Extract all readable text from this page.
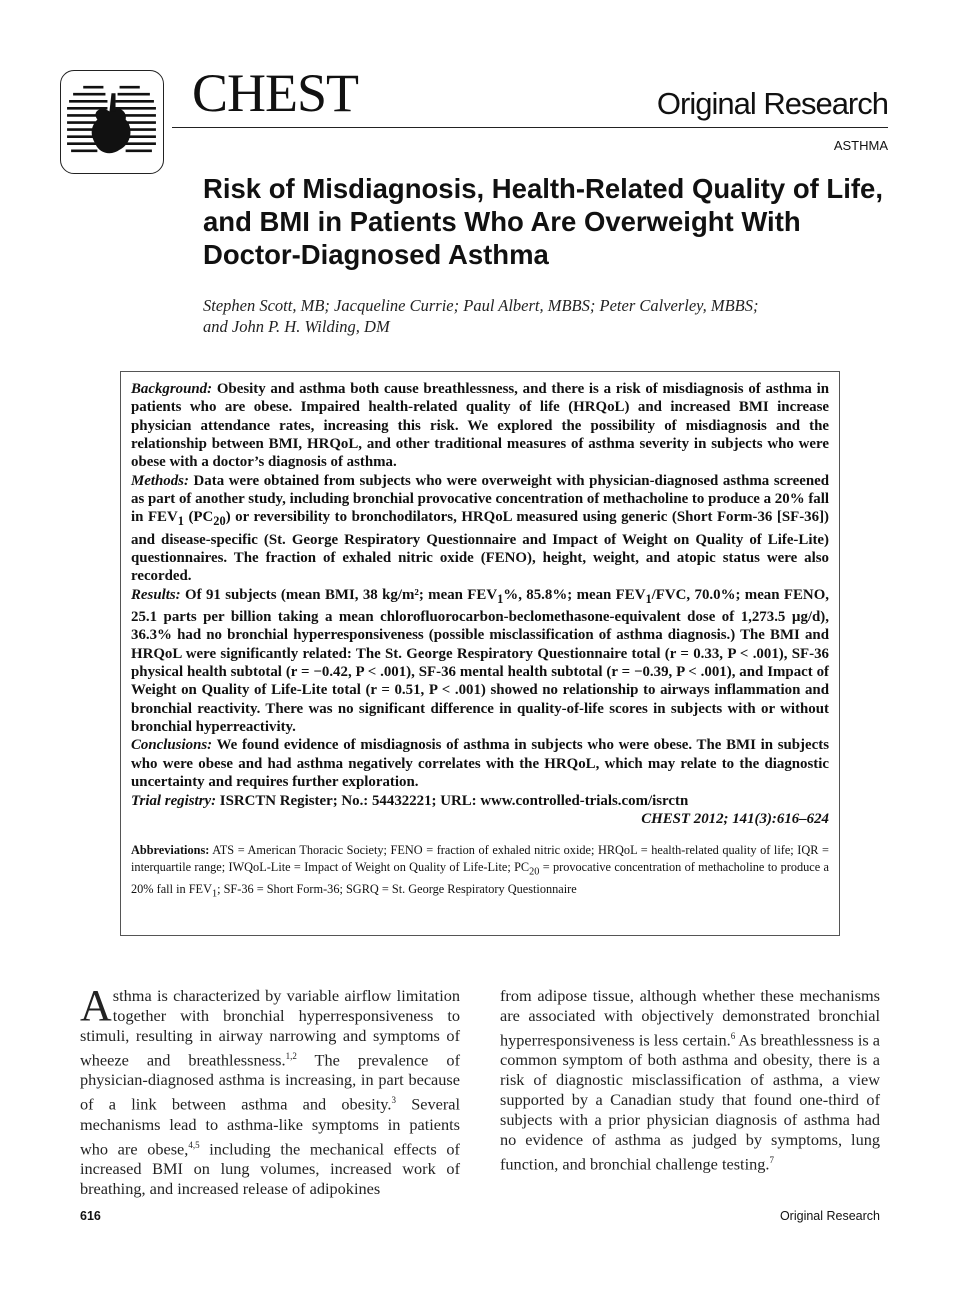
CHEST	Original Research
ASTHMA
Risk of Misdiagnosis, Health-Related Quality of Life, and BMI in Patients Who Are Overweight With Doctor-Diagnosed Asthma
Stephen Scott, MB; Jacqueline Currie; Paul Albert, MBBS; Peter Calverley, MBBS;
and John P. H. Wilding, DM

Background: Obesity and asthma both cause breathlessness, and there is a risk of misdiagnosis of asthma in patients who are obese. Impaired health-related quality of life (HRQoL) and increased BMI increase physician attendance rates, increasing this risk. We explored the possibility of misdiagnosis and the relationship between BMI, HRQoL, and other traditional measures of asthma severity in subjects who were obese with a doctor’s diagnosis of asthma.

Methods: Data were obtained from subjects who were overweight with physician-diagnosed asthma screened as part of another study, including bronchial provocative concentration of methacholine to produce a 20% fall in $FEV_1$ $(PC_{20})$ or reversibility to bronchodilators, HRQoL measured using generic (Short Form-36 [SF-36]) and disease-specific (St. George Respiratory Questionnaire and Impact of Weight on Quality of Life-Lite) questionnaires. The fraction of exhaled nitric oxide (FENO), height, weight, and atopic status were also recorded.

Results: Of 91 subjects (mean BMI, 38 kg/m²; mean $FEV_1\%$, 85.8%; mean $FEV_1$/FVC, 70.0%; mean FENO, 25.1 parts per billion taking a mean chlorofluorocarbon-beclomethasone-equivalent dose of 1,273.5 µg/d), 36.3% had no bronchial hyperresponsiveness (possible misclassification of asthma diagnosis.) The BMI and HRQoL were significantly related: The St. George Respiratory Questionnaire total (r = 0.33, P < .001), SF-36 physical health subtotal (r = −0.42, P < .001), SF-36 mental health subtotal (r = −0.39, P < .001), and Impact of Weight on Quality of Life-Lite total (r = 0.51, P < .001) showed no relationship to airways inflammation and bronchial reactivity. There was no significant difference in quality-of-life scores in subjects with or without bronchial hyperreactivity.

Conclusions: We found evidence of misdiagnosis of asthma in subjects who were obese. The BMI in subjects who were obese and had asthma negatively correlates with the HRQoL, which may relate to the diagnostic uncertainty and requires further exploration.

Trial registry: ISRCTN Register; No.: 54432221; URL: www.controlled-trials.com/isrctn

CHEST 2012; 141(3):616–624

Abbreviations: ATS = American Thoracic Society; FENO = fraction of exhaled nitric oxide; HRQoL = health-related quality of life; IQR = interquartile range; IWQoL-Lite = Impact of Weight on Quality of Life-Lite; $PC_{20}$ = provocative concentration of methacholine to produce a 20% fall in $FEV_1$; SF-36 = Short Form-36; SGRQ = St. George Respiratory Questionnaire

Asthma is characterized by variable airflow limitation together with bronchial hyperresponsiveness to stimuli, resulting in airway narrowing and symptoms of wheeze and breathlessness.$^{1,2}$ The prevalence of physician-diagnosed asthma is increasing, in part because of a link between asthma and obesity.$^3$ Several mechanisms lead to asthma-like symptoms in patients who are obese,$^{4,5}$ including the mechanical effects of increased BMI on lung volumes, increased work of breathing, and increased release of adipokines

from adipose tissue, although whether these mechanisms are associated with objectively demonstrated bronchial hyperresponsiveness is less certain.$^6$ As breathlessness is a common symptom of both asthma and obesity, there is a risk of diagnostic misclassification of asthma, a view supported by a Canadian study that found one-third of subjects with a prior physician diagnosis of asthma had no evidence of asthma as judged by symptoms, lung function, and bronchial challenge testing.$^7$

616	Original Research
